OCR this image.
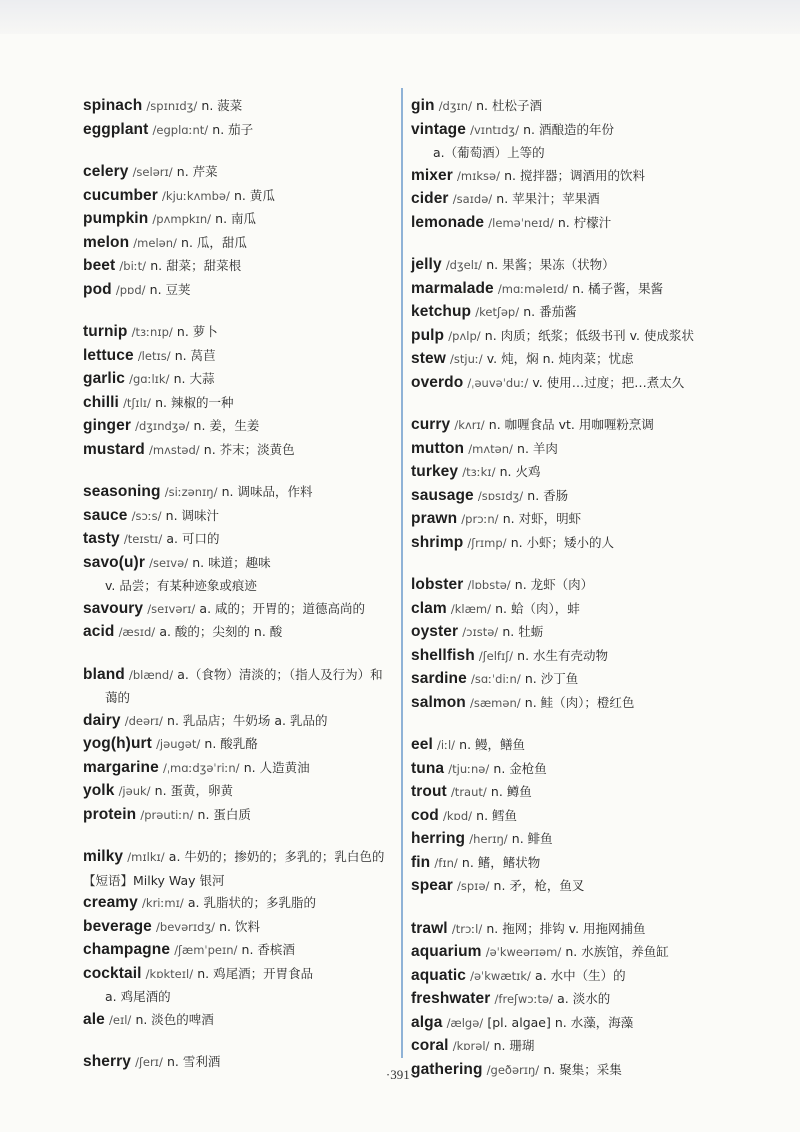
spinach /spɪnɪdʒ/ n. 菠菜
eggplant /egplɑːnt/ n. 茄子
celery /selərɪ/ n. 芹菜
cucumber /kjuːkʌmbə/ n. 黄瓜
pumpkin /pʌmpkɪn/ n. 南瓜
melon /melən/ n. 瓜，甜瓜
beet /biːt/ n. 甜菜；甜菜根
pod /pɒd/ n. 豆荚
turnip /tɜːnɪp/ n. 萝卜
lettuce /letɪs/ n. 莴苣
garlic /gɑːlɪk/ n. 大蒜
chilli /tʃɪlɪ/ n. 辣椒的一种
ginger /dʒɪndʒə/ n. 姜，生姜
mustard /mʌstəd/ n. 芥末；淡黄色
seasoning /siːzənɪŋ/ n. 调味品，作料
sauce /sɔːs/ n. 调味汁
tasty /teɪstɪ/ a. 可口的
savo(u)r /seɪvə/ n. 味道；趣味
v. 品尝；有某种迹象或痕迹
savoury /seɪvərɪ/ a. 咸的；开胃的；道德高尚的
acid /æsɪd/ a. 酸的；尖刻的 n. 酸
bland /blænd/ a.（食物）清淡的；（指人及行为）和
蔼的
dairy /deərɪ/ n. 乳品店；牛奶场 a. 乳品的
yog(h)urt /jəugət/ n. 酸乳酪
margarine /ˌmɑːdʒəˈriːn/ n. 人造黄油
yolk /jəuk/ n. 蛋黄，卵黄
protein /prəutiːn/ n. 蛋白质
milky /mɪlkɪ/ a. 牛奶的；掺奶的；多乳的；乳白色的
【短语】Milky Way 银河
creamy /kriːmɪ/ a. 乳脂状的；多乳脂的
beverage /bevərɪdʒ/ n. 饮料
champagne /ʃæmˈpeɪn/ n. 香槟酒
cocktail /kɒkteɪl/ n. 鸡尾酒；开胃食品
a. 鸡尾酒的
ale /eɪl/ n. 淡色的啤酒
sherry /ʃerɪ/ n. 雪利酒
gin /dʒɪn/ n. 杜松子酒
vintage /vɪntɪdʒ/ n. 酒酿造的年份
a.（葡萄酒）上等的
mixer /mɪksə/ n. 搅拌器；调酒用的饮料
cider /saɪdə/ n. 苹果汁；苹果酒
lemonade /leməˈneɪd/ n. 柠檬汁
jelly /dʒelɪ/ n. 果酱；果冻（状物）
marmalade /mɑːməleɪd/ n. 橘子酱，果酱
ketchup /ketʃəp/ n. 番茄酱
pulp /pʌlp/ n. 肉质；纸浆；低级书刊 v. 使成浆状
stew /stjuː/ v. 炖，焖 n. 炖肉菜；忧虑
overdo /ˌəuvəˈduː/ v. 使用…过度；把…煮太久
curry /kʌrɪ/ n. 咖喱食品 vt. 用咖喱粉烹调
mutton /mʌtən/ n. 羊肉
turkey /tɜːkɪ/ n. 火鸡
sausage /sɒsɪdʒ/ n. 香肠
prawn /prɔːn/ n. 对虾，明虾
shrimp /ʃrɪmp/ n. 小虾；矮小的人
lobster /lɒbstə/ n. 龙虾（肉）
clam /klæm/ n. 蛤（肉），蚌
oyster /ɔɪstə/ n. 牡蛎
shellfish /ʃelfɪʃ/ n. 水生有壳动物
sardine /sɑːˈdiːn/ n. 沙丁鱼
salmon /sæmən/ n. 鲑（肉）；橙红色
eel /iːl/ n. 鳗，鳝鱼
tuna /tjuːnə/ n. 金枪鱼
trout /traut/ n. 鳟鱼
cod /kɒd/ n. 鳕鱼
herring /herɪŋ/ n. 鲱鱼
fin /fɪn/ n. 鳍，鳍状物
spear /spɪə/ n. 矛，枪，鱼叉
trawl /trɔːl/ n. 拖网；排钩 v. 用拖网捕鱼
aquarium /əˈkweərɪəm/ n. 水族馆，养鱼缸
aquatic /əˈkwætɪk/ a. 水中（生）的
freshwater /freʃwɔːtə/ a. 淡水的
alga /ælgə/ [pl. algae] n. 水藻，海藻
coral /kɒrəl/ n. 珊瑚
gathering /geðərɪŋ/ n. 聚集；采集
·391·
